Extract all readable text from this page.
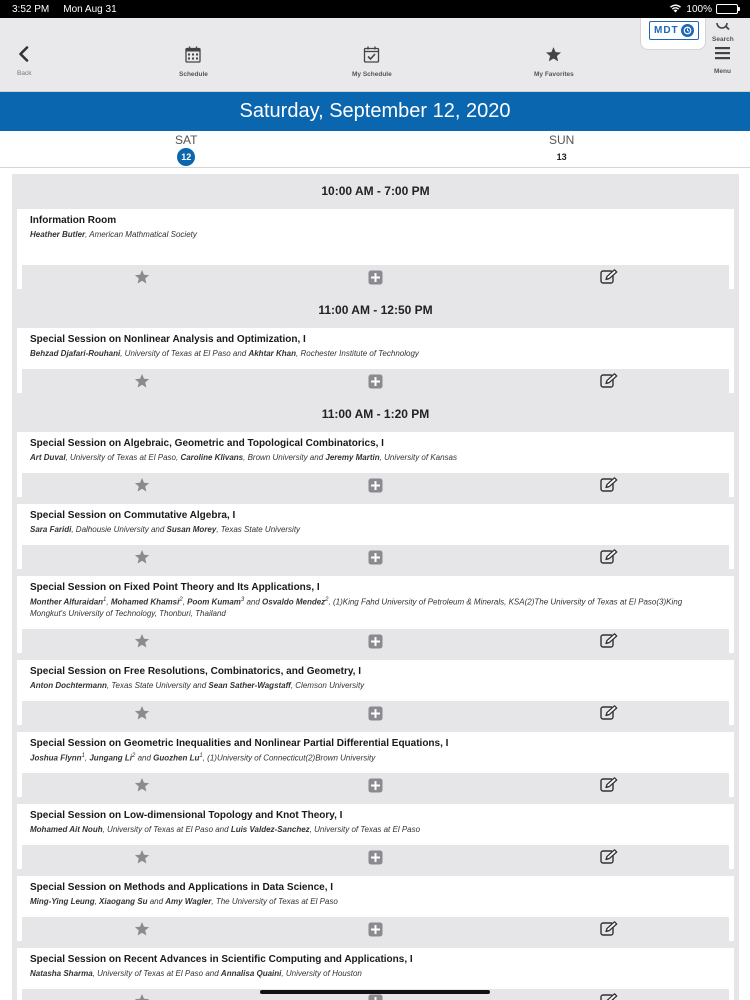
3:52 PM Mon Aug 31	100%
Back	Schedule	My Schedule	My Favorites
MDT
Search
Menu
Saturday, September 12, 2020
SAT
12
SUN
13
10:00 AM - 7:00 PM
Information Room
Heather Butler, American Mathmatical Society
11:00 AM - 12:50 PM
Special Session on Nonlinear Analysis and Optimization, I
Behzad Djafari-Rouhani, University of Texas at El Paso and Akhtar Khan, Rochester Institute of Technology
11:00 AM - 1:20 PM
Special Session on Algebraic, Geometric and Topological Combinatorics, I
Art Duval, University of Texas at El Paso, Caroline Klivans, Brown University and Jeremy Martin, University of Kansas
Special Session on Commutative Algebra, I
Sara Faridi, Dalhousie University and Susan Morey, Texas State University
Special Session on Fixed Point Theory and Its Applications, I
Monther Alfuraidan$^1$, Mohamed Khamsi$^2$, Poom Kumam$^3$ and Osvaldo Mendez$^2$, (1)King Fahd University of Petroleum & Minerals, KSA(2)The University of Texas at El Paso(3)King Mongkut's University of Technology, Thonburi, Thailand
Special Session on Free Resolutions, Combinatorics, and Geometry, I
Anton Dochtermann, Texas State University and Sean Sather-Wagstaff, Clemson University
Special Session on Geometric Inequalities and Nonlinear Partial Differential Equations, I
Joshua Flynn$^1$, Jungang Li$^2$ and Guozhen Lu$^1$, (1)University of Connecticut(2)Brown University
Special Session on Low-dimensional Topology and Knot Theory, I
Mohamed Ait Nouh, University of Texas at El Paso and Luis Valdez-Sanchez, University of Texas at El Paso
Special Session on Methods and Applications in Data Science, I
Ming-Ying Leung, Xiaogang Su and Amy Wagler, The University of Texas at El Paso
Special Session on Recent Advances in Scientific Computing and Applications, I
Natasha Sharma, University of Texas at El Paso and Annalisa Quaini, University of Houston
